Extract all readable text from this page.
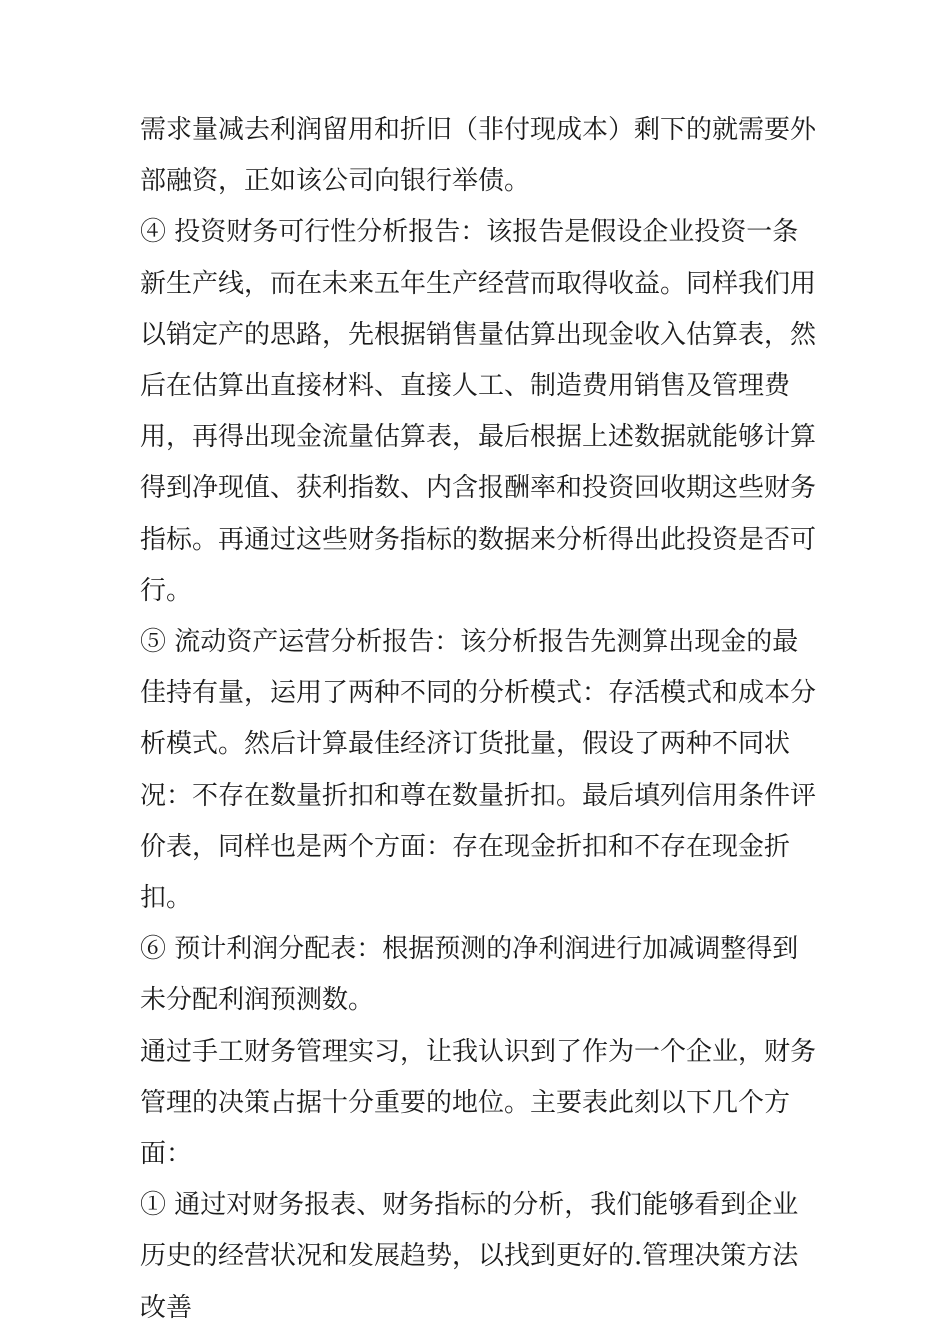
需求量减去利润留用和折旧（非付现成本）剩下的就需要外部融资，正如该公司向银行举债。

④ 投资财务可行性分析报告：该报告是假设企业投资一条新生产线，而在未来五年生产经营而取得收益。同样我们用以销定产的思路，先根据销售量估算出现金收入估算表，然后在估算出直接材料、直接人工、制造费用销售及管理费用，再得出现金流量估算表，最后根据上述数据就能够计算得到净现值、获利指数、内含报酬率和投资回收期这些财务指标。再通过这些财务指标的数据来分析得出此投资是否可行。

⑤ 流动资产运营分析报告：该分析报告先测算出现金的最佳持有量，运用了两种不同的分析模式：存活模式和成本分析模式。然后计算最佳经济订货批量，假设了两种不同状况：不存在数量折扣和尊在数量折扣。最后填列信用条件评价表，同样也是两个方面：存在现金折扣和不存在现金折扣。

⑥ 预计利润分配表：根据预测的净利润进行加减调整得到未分配利润预测数。

通过手工财务管理实习，让我认识到了作为一个企业，财务管理的决策占据十分重要的地位。主要表此刻以下几个方面：

① 通过对财务报表、财务指标的分析，我们能够看到企业历史的经营状况和发展趋势，以找到更好的.管理决策方法改善
